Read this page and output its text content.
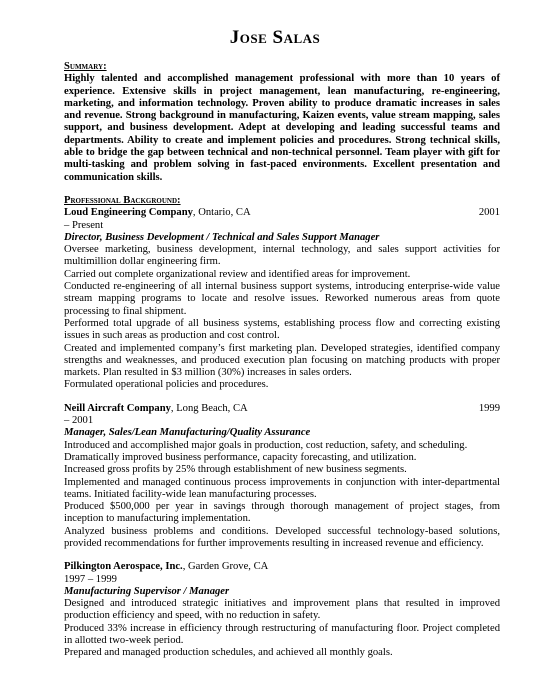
Jose Salas
Summary:
Highly talented and accomplished management professional with more than 10 years of experience. Extensive skills in project management, lean manufacturing, re-engineering, marketing, and information technology. Proven ability to produce dramatic increases in sales and revenue. Strong background in manufacturing, Kaizen events, value stream mapping, sales support, and business development. Adept at developing and leading successful teams and departments. Ability to create and implement policies and procedures. Strong technical skills, able to bridge the gap between technical and non-technical personnel. Team player with gift for multi-tasking and problem solving in fast-paced environments. Excellent presentation and communication skills.
Professional Background:
Loud Engineering Company, Ontario, CA	2001
– Present
Director, Business Development / Technical and Sales Support Manager
Oversee marketing, business development, internal technology, and sales support activities for multimillion dollar engineering firm.
Carried out complete organizational review and identified areas for improvement.
Conducted re-engineering of all internal business support systems, introducing enterprise-wide value stream mapping programs to locate and resolve issues. Reworked numerous areas from quote processing to final shipment.
Performed total upgrade of all business systems, establishing process flow and correcting existing issues in such areas as production and cost control.
Created and implemented company’s first marketing plan. Developed strategies, identified company strengths and weaknesses, and produced execution plan focusing on matching products with proper markets. Plan resulted in $3 million (30%) increases in sales orders.
Formulated operational policies and procedures.
Neill Aircraft Company, Long Beach, CA	1999
– 2001
Manager, Sales/Lean Manufacturing/Quality Assurance
Introduced and accomplished major goals in production, cost reduction, safety, and scheduling.
Dramatically improved business performance, capacity forecasting, and utilization.
Increased gross profits by 25% through establishment of new business segments.
Implemented and managed continuous process improvements in conjunction with inter-departmental teams. Initiated facility-wide lean manufacturing processes.
Produced $500,000 per year in savings through thorough management of project stages, from inception to manufacturing implementation.
Analyzed business problems and conditions. Developed successful technology-based solutions, provided recommendations for further improvements resulting in increased revenue and efficiency.
Pilkington Aerospace, Inc., Garden Grove, CA
1997 – 1999
Manufacturing Supervisor / Manager
Designed and introduced strategic initiatives and improvement plans that resulted in improved production efficiency and speed, with no reduction in safety.
Produced 33% increase in efficiency through restructuring of manufacturing floor. Project completed in allotted two-week period.
Prepared and managed production schedules, and achieved all monthly goals.
